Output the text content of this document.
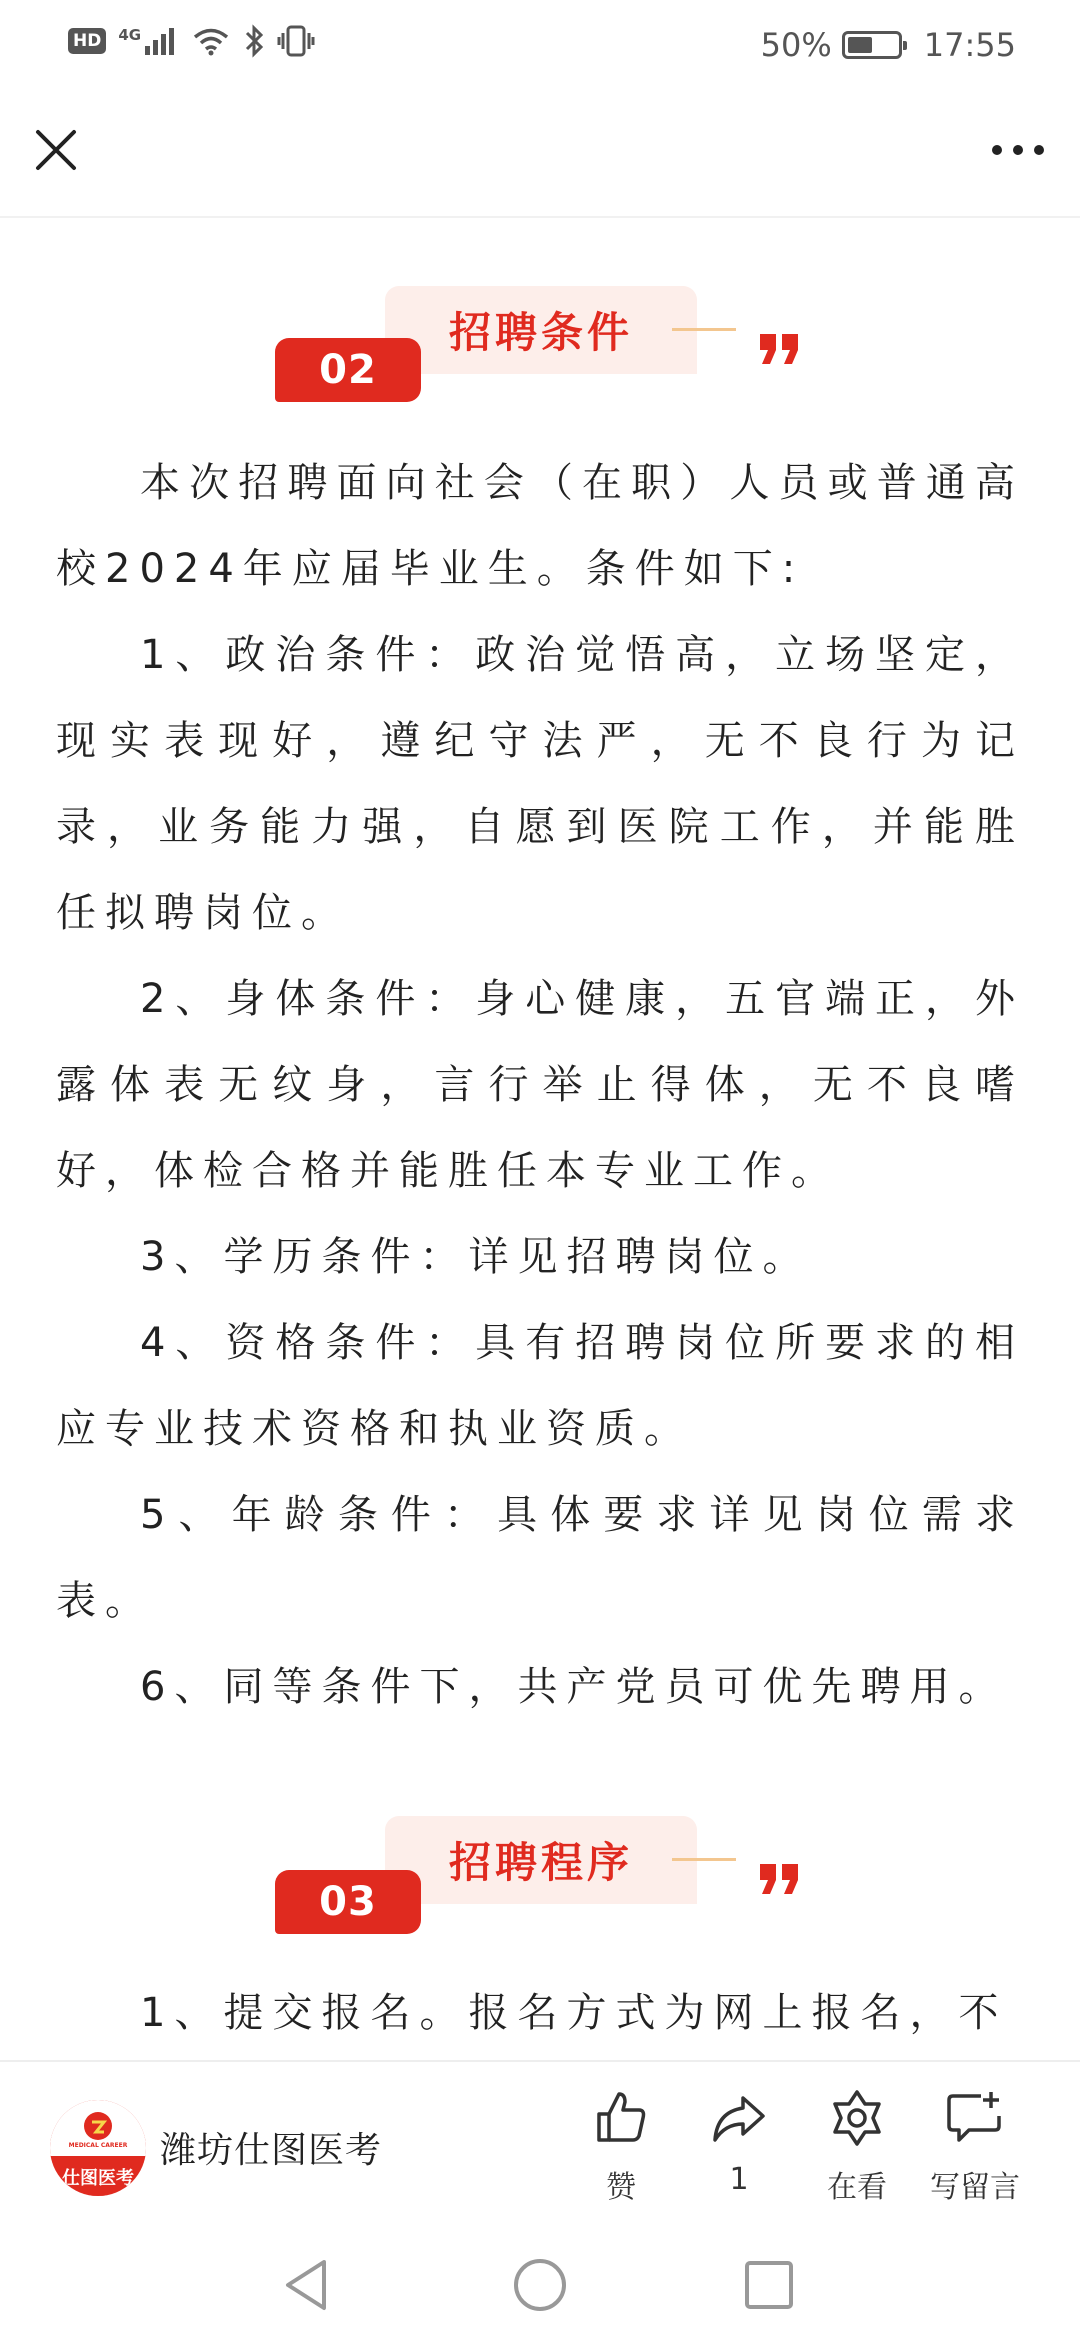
HD	4G	50%	17:55
招聘条件
02

本次招聘面向社会（在职）人员或普通高校2024年应届毕业生。条件如下:

1、政治条件：政治觉悟高，立场坚定，现实表现好，遵纪守法严，无不良行为记录，业务能力强，自愿到医院工作，并能胜任拟聘岗位。

2、身体条件：身心健康，五官端正，外露体表无纹身，言行举止得体，无不良嗜好，体检合格并能胜任本专业工作。

3、学历条件：详见招聘岗位。

4、资格条件：具有招聘岗位所要求的相应专业技术资格和执业资质。

5、年龄条件：具体要求详见岗位需求表。

6、同等条件下，共产党员可优先聘用。

招聘程序
03

1、提交报名。报名方式为网上报名，不

MEDICAL CAREER
仕图医考
潍坊仕图医考
赞	1	在看 写留言
